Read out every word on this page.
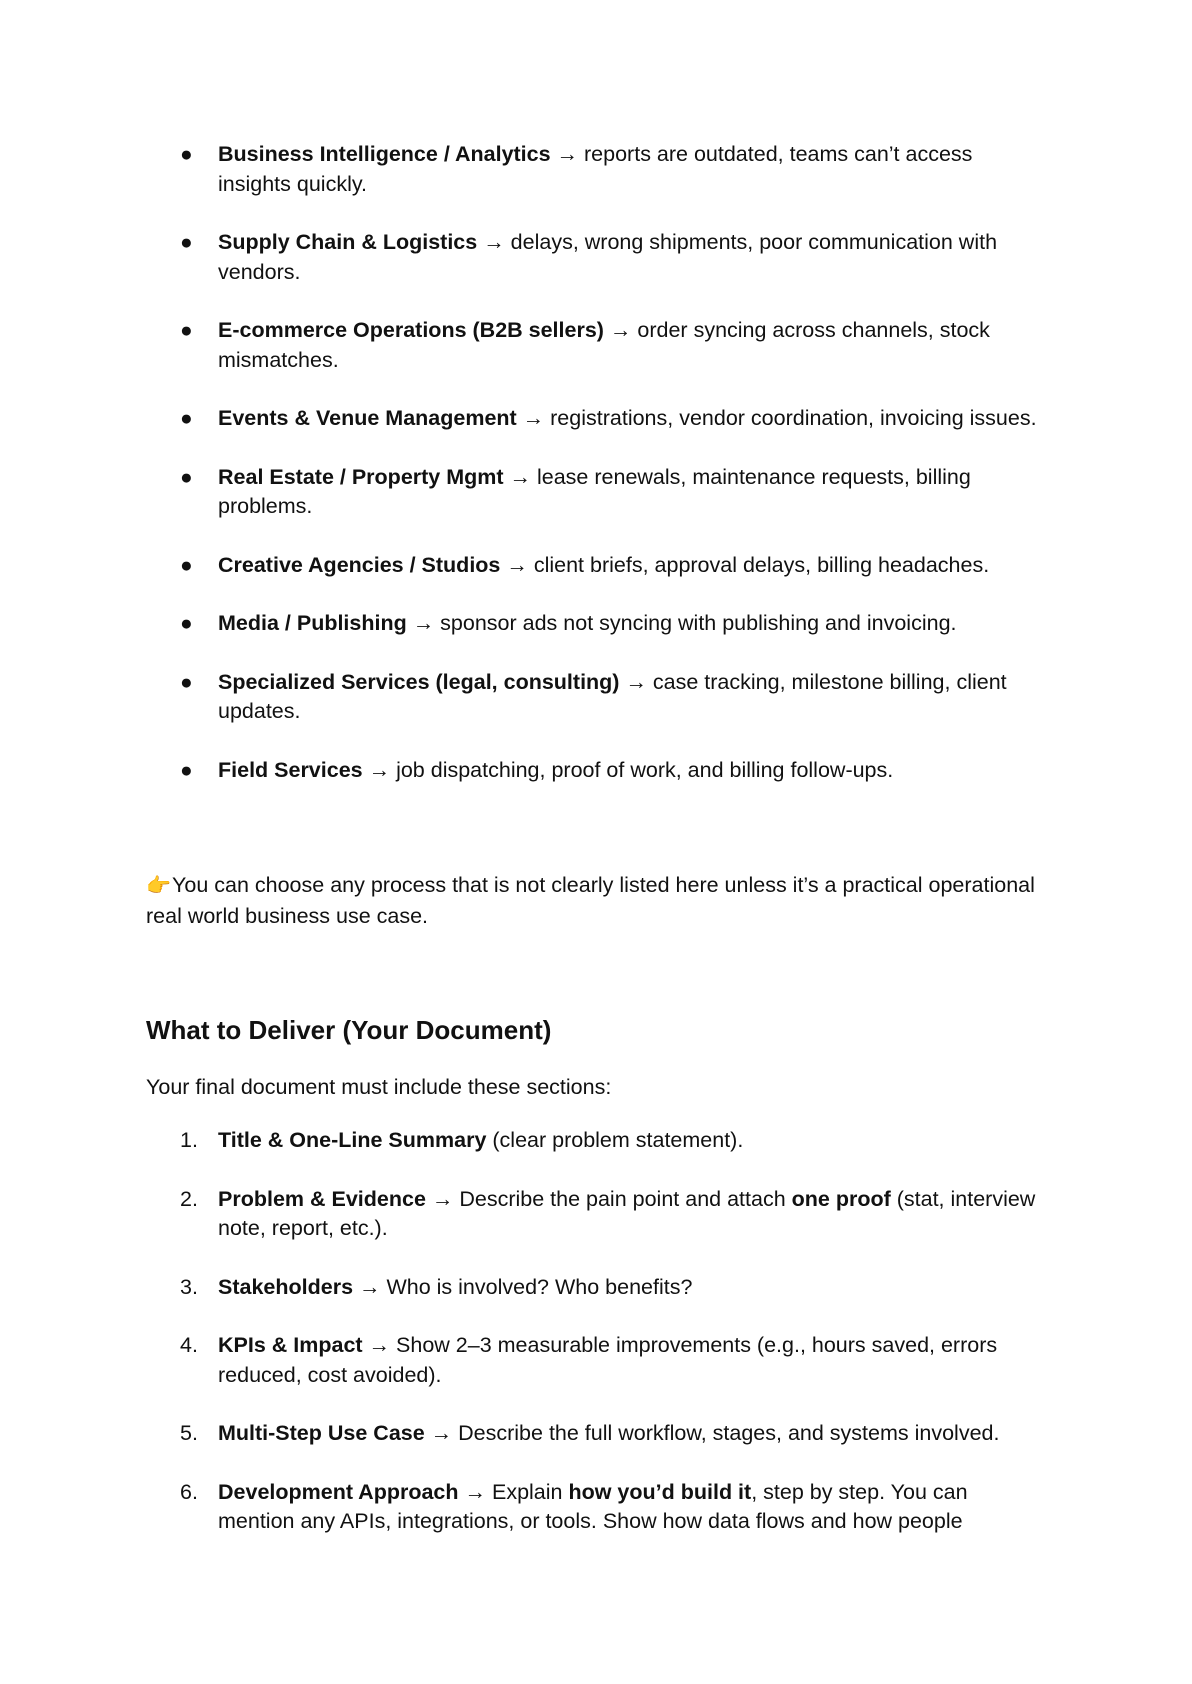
●	Business Intelligence / Analytics → reports are outdated, teams can’t access insights quickly.
●	Supply Chain & Logistics → delays, wrong shipments, poor communication with vendors.
●	E-commerce Operations (B2B sellers) → order syncing across channels, stock mismatches.
●	Events & Venue Management → registrations, vendor coordination, invoicing issues.
●	Real Estate / Property Mgmt → lease renewals, maintenance requests, billing problems.
●	Creative Agencies / Studios → client briefs, approval delays, billing headaches.
●	Media / Publishing → sponsor ads not syncing with publishing and invoicing.
●	Specialized Services (legal, consulting) → case tracking, milestone billing, client updates.
●	Field Services → job dispatching, proof of work, and billing follow-ups.
👉You can choose any process that is not clearly listed here unless it’s a practical operational real world business use case.
What to Deliver (Your Document)
Your final document must include these sections:
1. Title & One-Line Summary (clear problem statement).
2. Problem & Evidence → Describe the pain point and attach one proof (stat, interview note, report, etc.).
3. Stakeholders → Who is involved? Who benefits?
4. KPIs & Impact → Show 2–3 measurable improvements (e.g., hours saved, errors reduced, cost avoided).
5. Multi-Step Use Case → Describe the full workflow, stages, and systems involved.
6. Development Approach → Explain how you’d build it, step by step. You can mention any APIs, integrations, or tools. Show how data flows and how people
